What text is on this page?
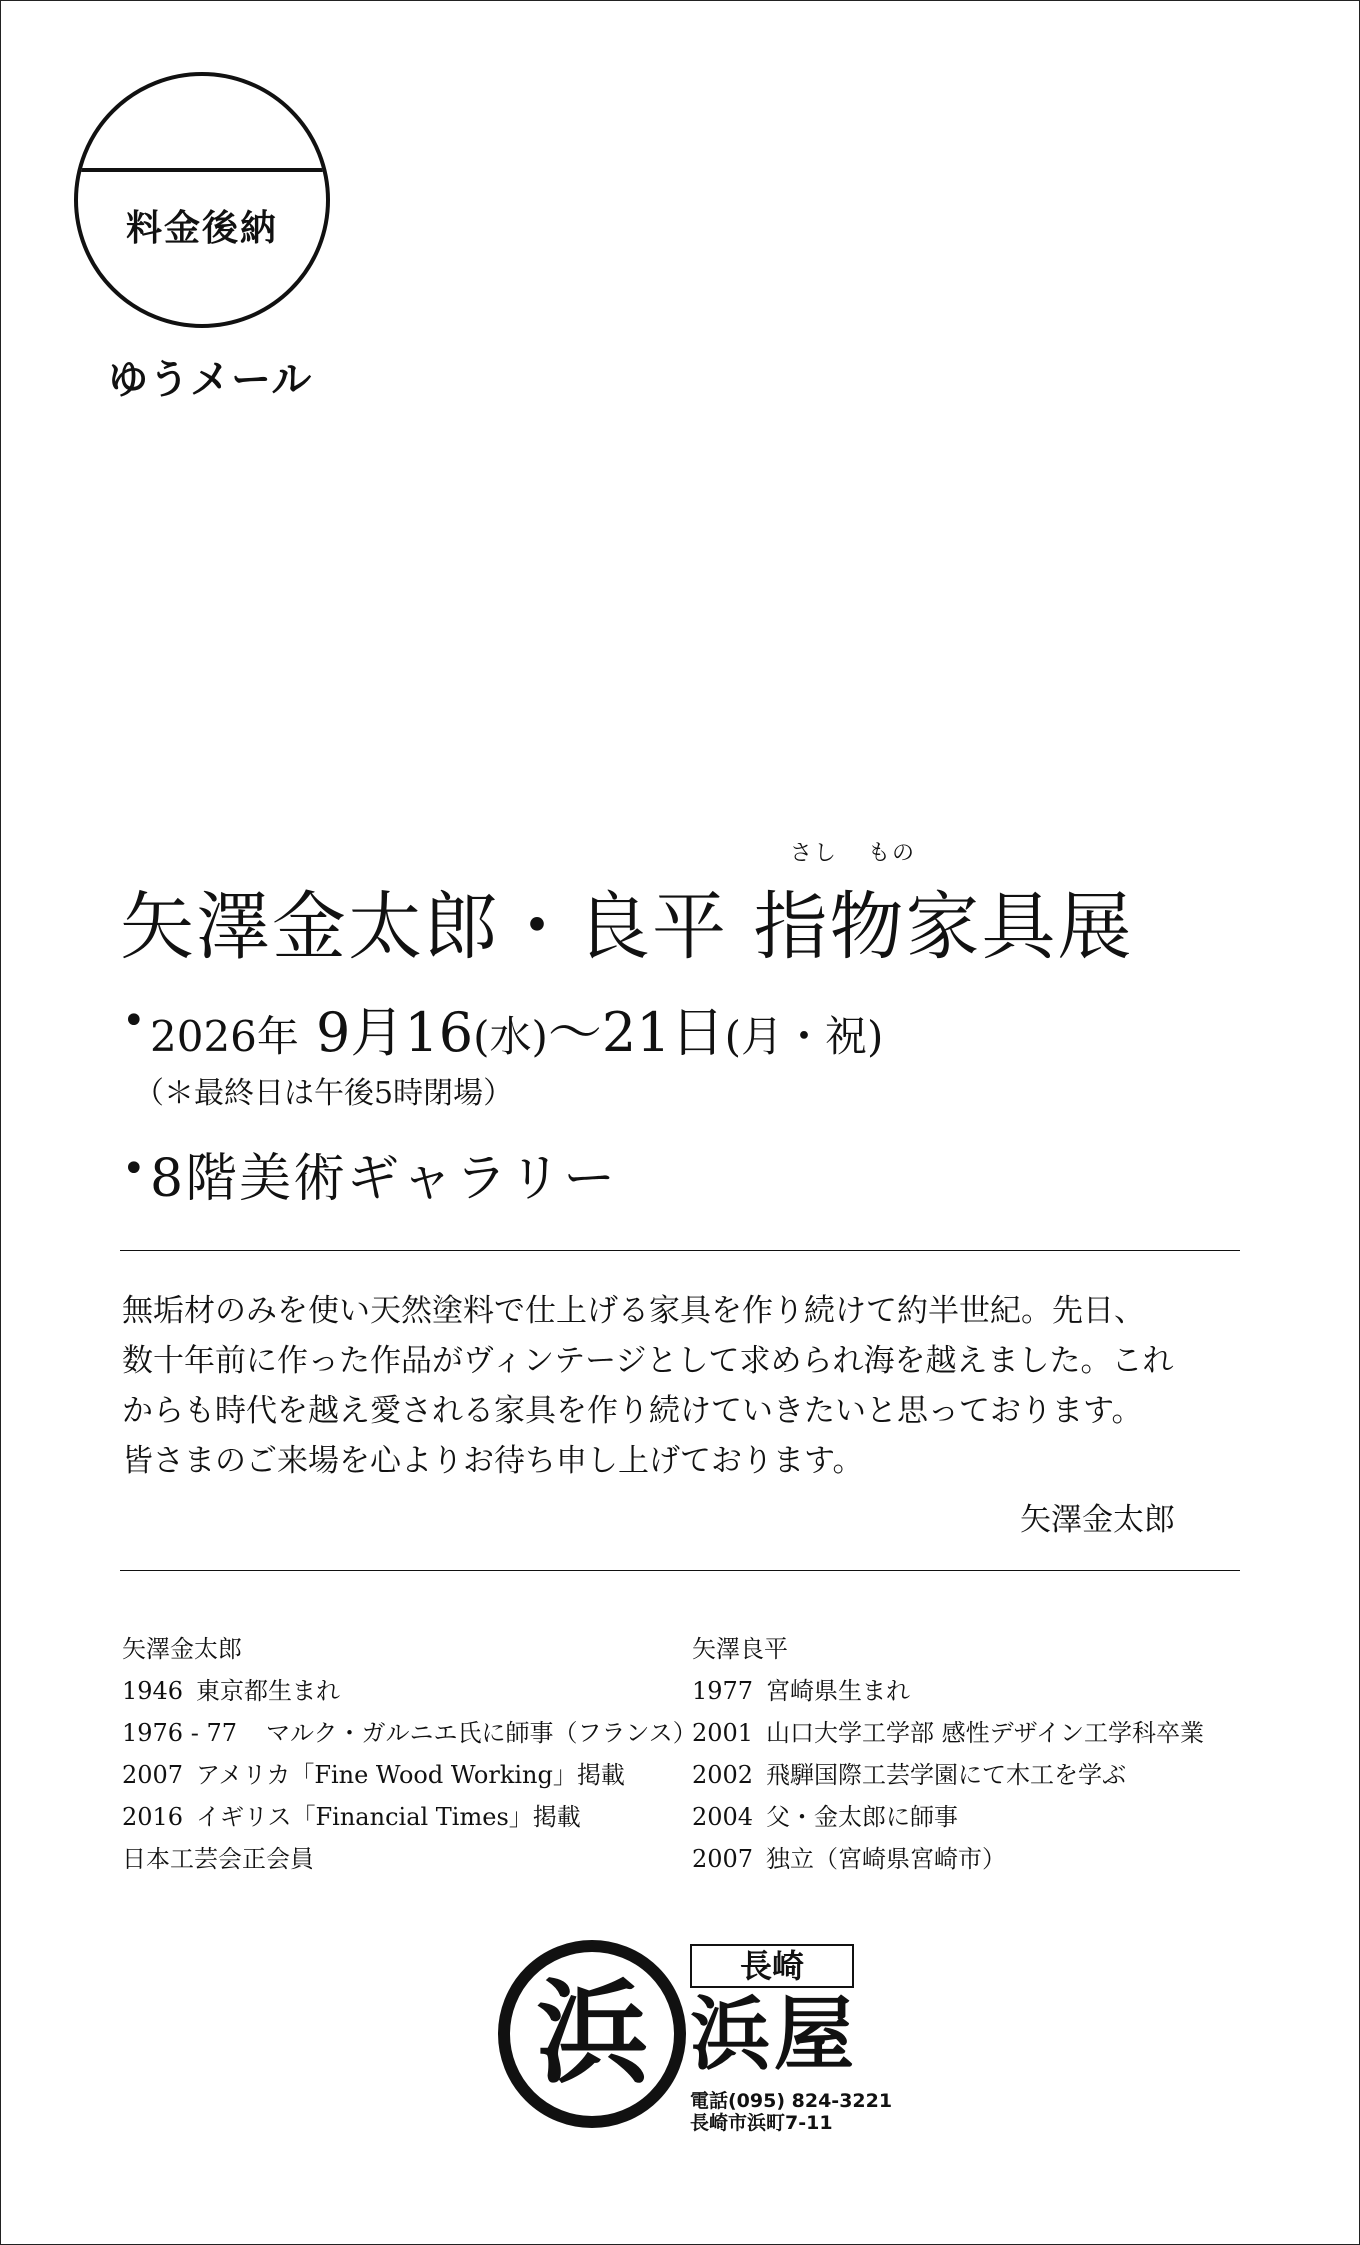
料金後納
ゆうメール
さし もの
矢澤金太郎・良平 指物家具展
• 2026年 9月16(水)～21日(月・祝)
（＊最終日は午後5時閉場）
• 8階美術ギャラリー
無垢材のみを使い天然塗料で仕上げる家具を作り続けて約半世紀。先日、
数十年前に作った作品がヴィンテージとして求められ海を越えました。これ
からも時代を越え愛される家具を作り続けていきたいと思っております。
皆さまのご来場を心よりお待ち申し上げております。
矢澤金太郎
矢澤金太郎
1946 東京都生まれ
1976 - 77 マルク・ガルニエ氏に師事（フランス）
2007 アメリカ「Fine Wood Working」掲載
2016 イギリス「Financial Times」掲載
日本工芸会正会員
矢澤良平
1977 宮崎県生まれ
2001 山口大学工学部 感性デザイン工学科卒業
2002 飛騨国際工芸学園にて木工を学ぶ
2004 父・金太郎に師事
2007 独立（宮崎県宮崎市）
浜
長崎
浜屋
電話(095) 824-3221
長崎市浜町7-11
